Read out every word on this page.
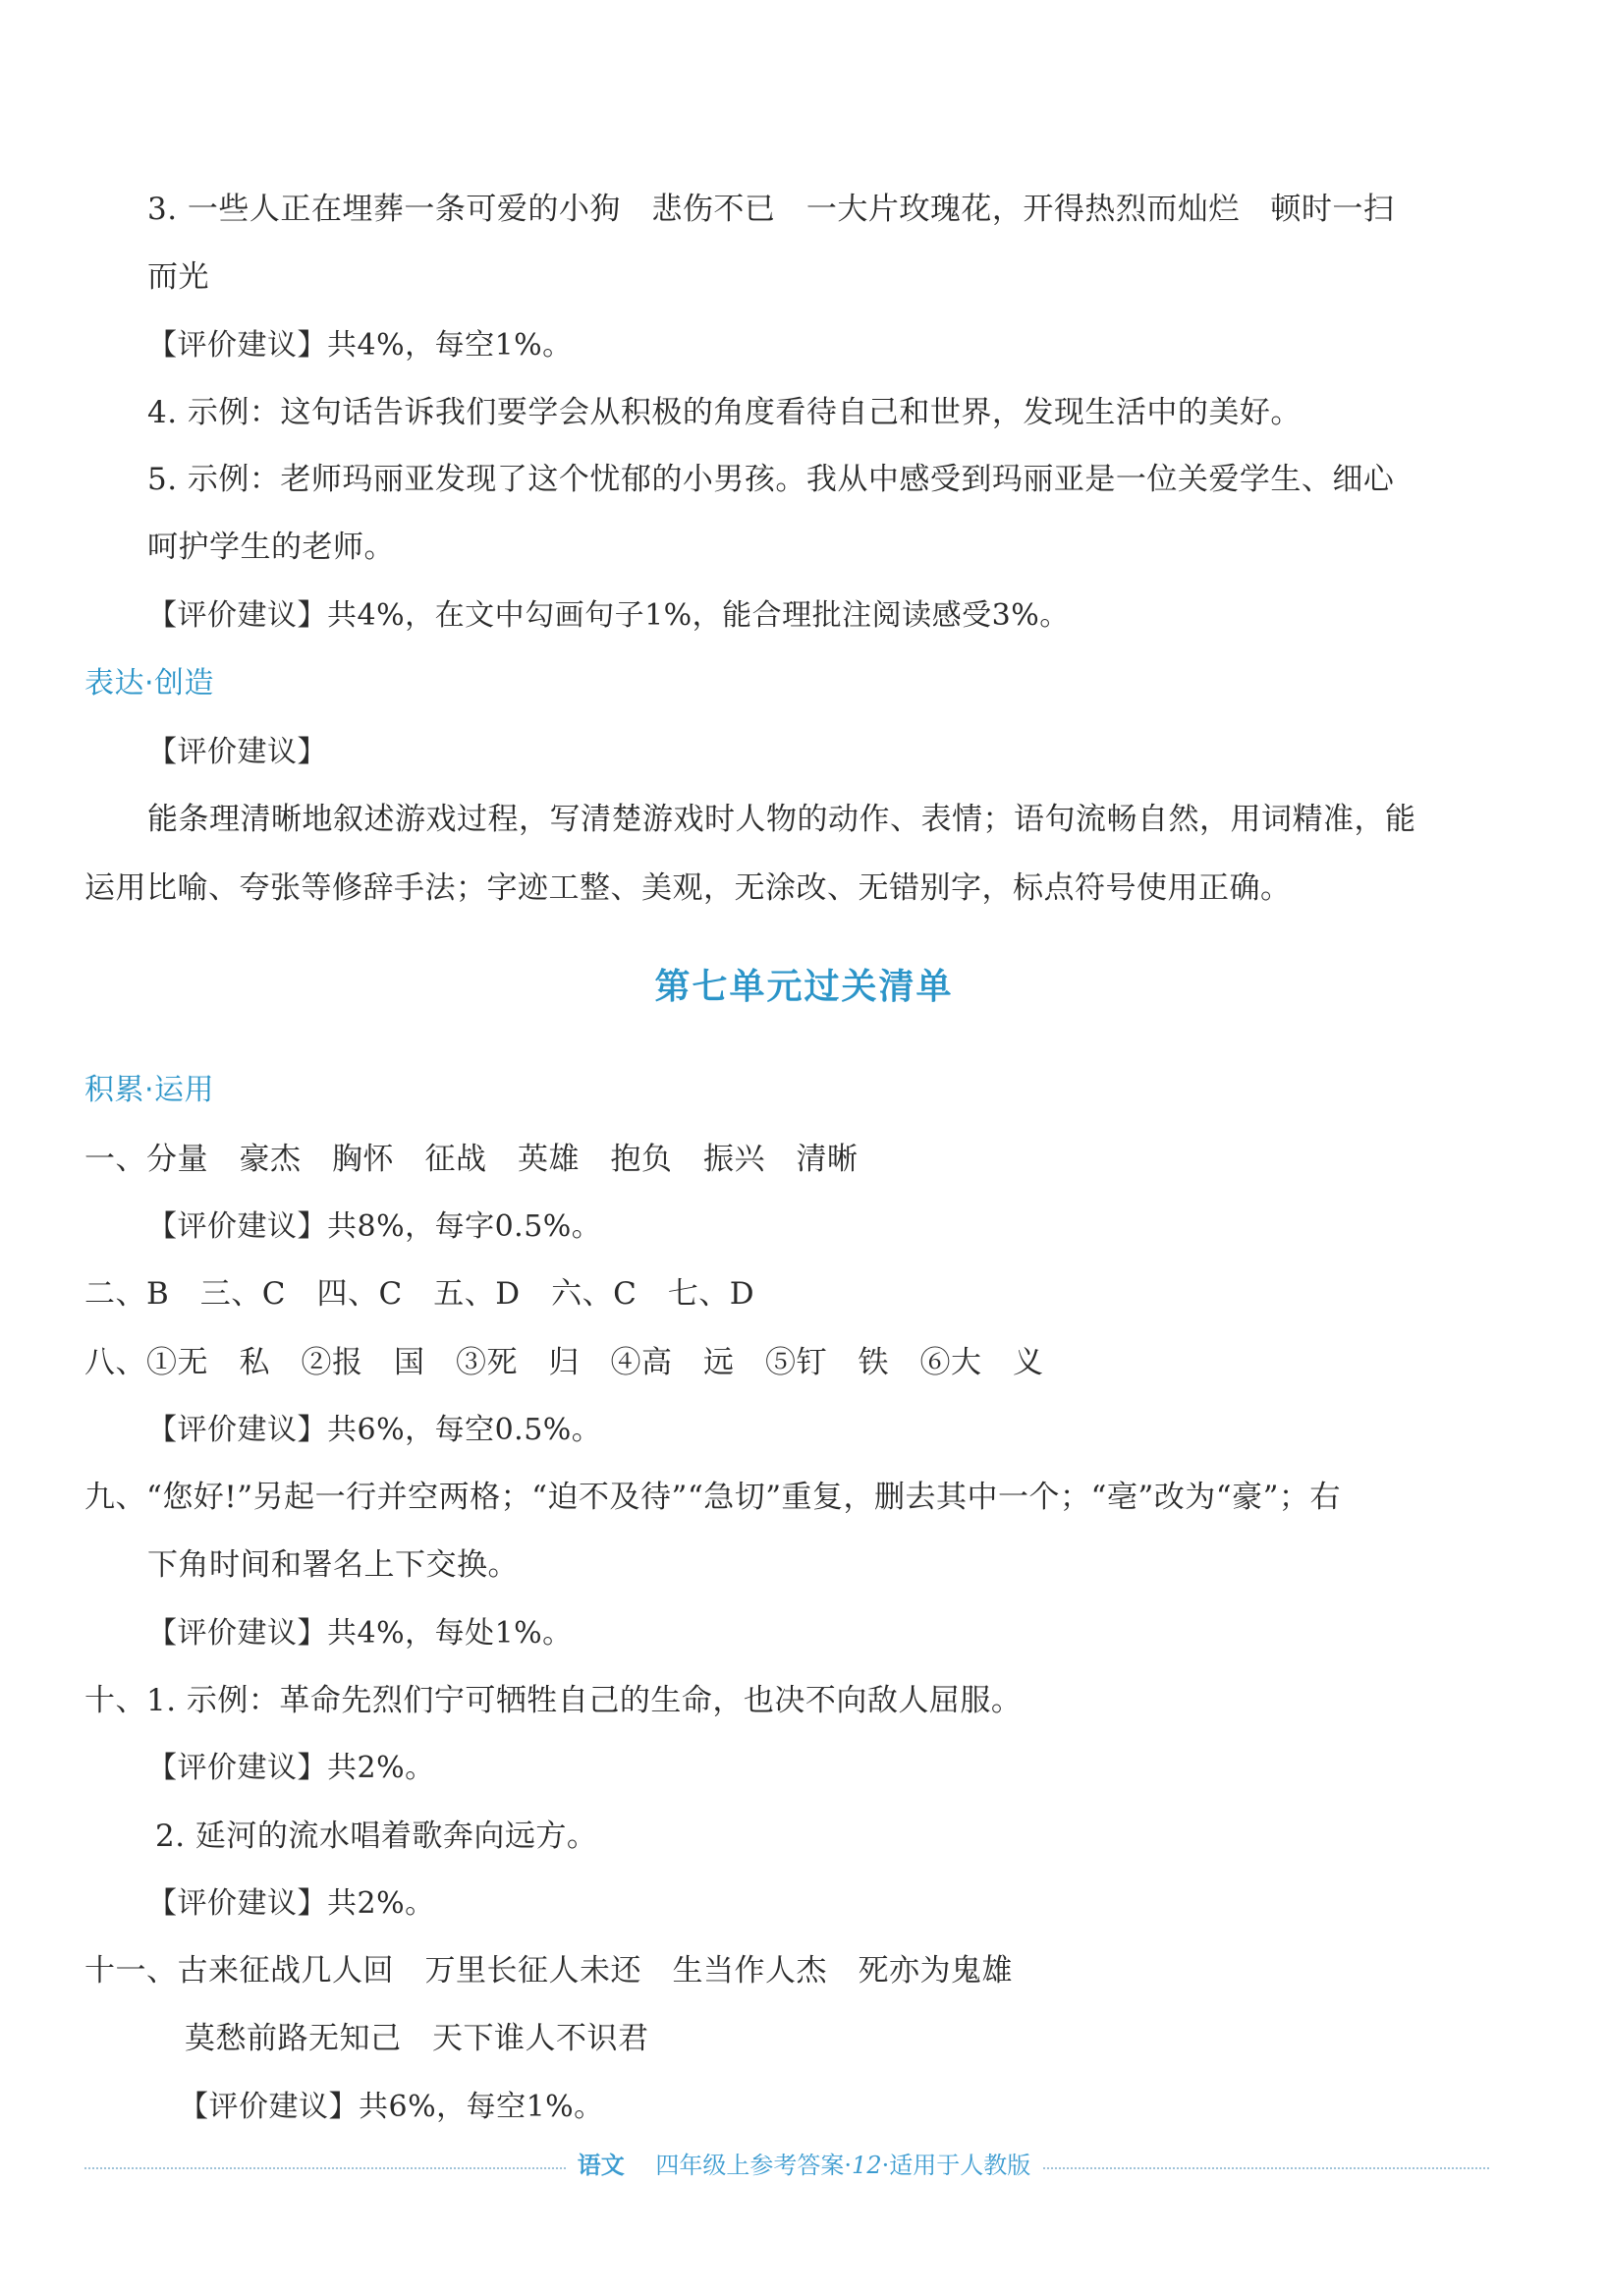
3. 一些人正在埋葬一条可爱的小狗　悲伤不已　一大片玫瑰花，开得热烈而灿烂　顿时一扫
而光
【评价建议】共4%，每空1%。
4. 示例：这句话告诉我们要学会从积极的角度看待自己和世界，发现生活中的美好。
5. 示例：老师玛丽亚发现了这个忧郁的小男孩。我从中感受到玛丽亚是一位关爱学生、细心
呵护学生的老师。
【评价建议】共4%，在文中勾画句子1%，能合理批注阅读感受3%。
表达·创造
【评价建议】
能条理清晰地叙述游戏过程，写清楚游戏时人物的动作、表情；语句流畅自然，用词精准，能
运用比喻、夸张等修辞手法；字迹工整、美观，无涂改、无错别字，标点符号使用正确。
第七单元过关清单
积累·运用
一、分量　豪杰　胸怀　征战　英雄　抱负　振兴　清晰
【评价建议】共8%，每字0.5%。
二、B　三、C　四、C　五、D　六、C　七、D
八、①无　私　②报　国　③死　归　④高　远　⑤钉　铁　⑥大　义
【评价建议】共6%，每空0.5%。
九、“您好!”另起一行并空两格；“迫不及待”“急切”重复，删去其中一个；“亳”改为“豪”；右
下角时间和署名上下交换。
【评价建议】共4%，每处1%。
十、1. 示例：革命先烈们宁可牺牲自己的生命，也决不向敌人屈服。
【评价建议】共2%。
2. 延河的流水唱着歌奔向远方。
【评价建议】共2%。
十一、古来征战几人回　万里长征人未还　生当作人杰　死亦为鬼雄
莫愁前路无知己　天下谁人不识君
【评价建议】共6%，每空1%。
语文 　 四年级上参考答案·12·适用于人教版
